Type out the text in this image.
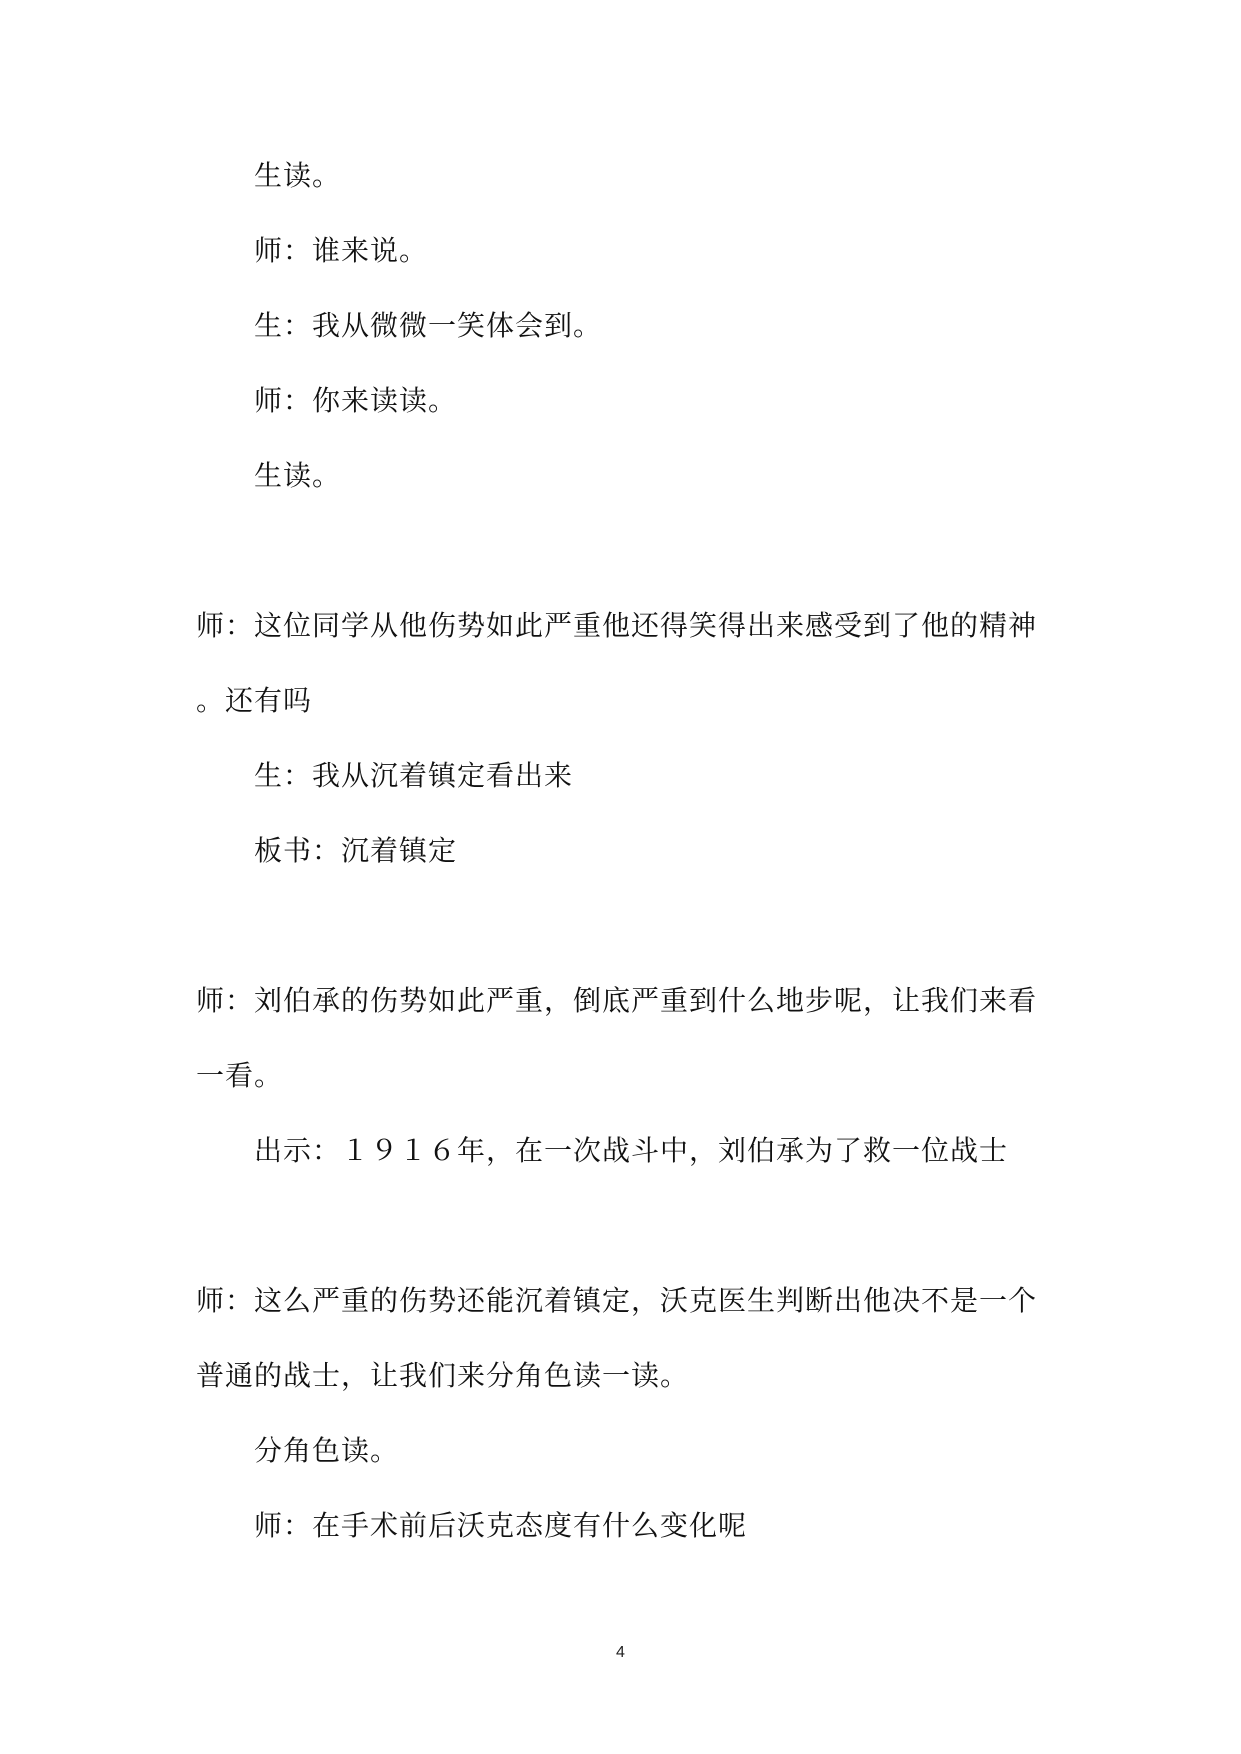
生读。
师：谁来说。
生：我从微微一笑体会到。
师：你来读读。
生读。
师：这位同学从他伤势如此严重他还得笑得出来感受到了他的精神
。还有吗
生：我从沉着镇定看出来
板书：沉着镇定
师：刘伯承的伤势如此严重，倒底严重到什么地步呢，让我们来看
一看。
出示：１９１６年，在一次战斗中，刘伯承为了救一位战士
师：这么严重的伤势还能沉着镇定，沃克医生判断出他决不是一个
普通的战士，让我们来分角色读一读。
分角色读。
师：在手术前后沃克态度有什么变化呢
4
